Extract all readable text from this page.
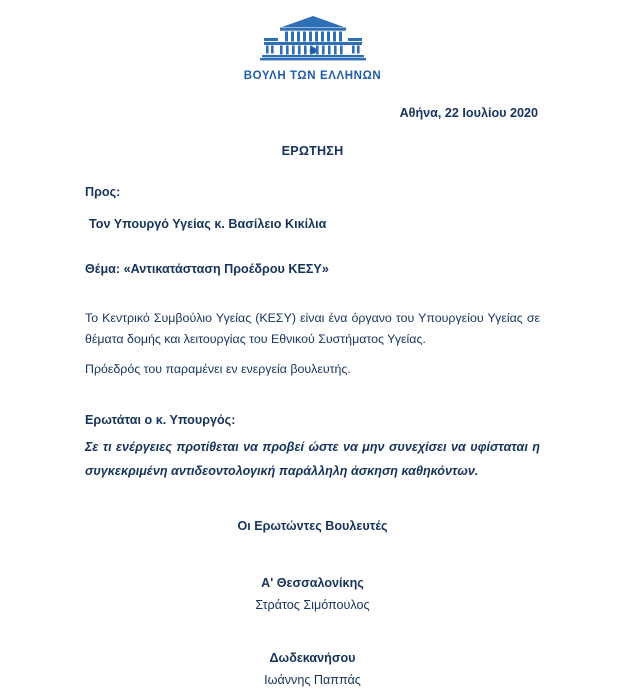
ΒΟΥΛΗ ΤΩΝ ΕΛΛΗΝΩΝ
Αθήνα, 22 Ιουλίου 2020
ΕΡΩΤΗΣΗ
Προς:
Τον Υπουργό Υγείας κ. Βασίλειο Κικίλια
Θέμα: «Αντικατάσταση Προέδρου ΚΕΣΥ»
Το Κεντρικό Συμβούλιο Υγείας (ΚΕΣΥ) είναι ένα όργανο του Υπουργείου Υγείας σε θέματα δομής και λειτουργίας του Εθνικού Συστήματος Υγείας.
Πρόεδρός του παραμένει εν ενεργεία βουλευτής.
Ερωτάται ο κ. Υπουργός:
Σε τι ενέργειες προτίθεται να προβεί ώστε να μην συνεχίσει να υφίσταται η συγκεκριμένη αντιδεοντολογική παράλληλη άσκηση καθηκόντων.
Οι Ερωτώντες Βουλευτές
Α' Θεσσαλονίκης
Στράτος Σιμόπουλος
Δωδεκανήσου
Ιωάννης Παππάς
